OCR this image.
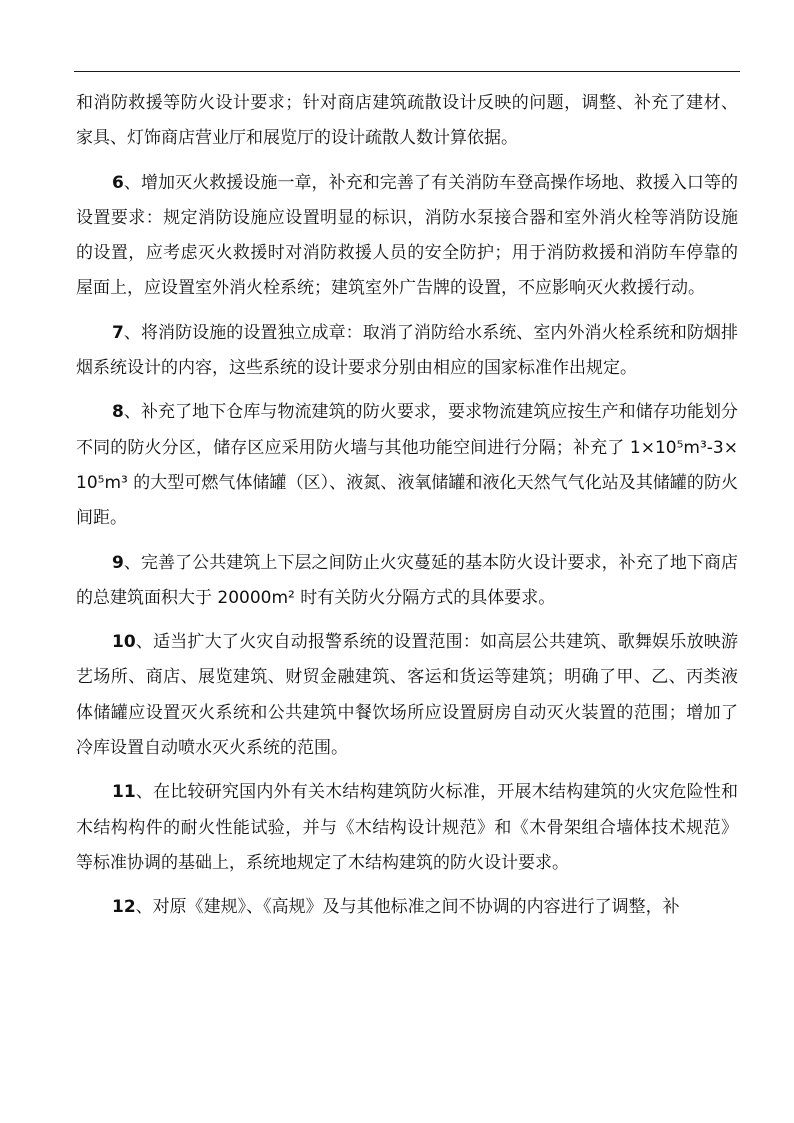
和消防救援等防火设计要求；针对商店建筑疏散设计反映的问题，调整、补充了建材、家具、灯饰商店营业厅和展览厅的设计疏散人数计算依据。

6、增加灭火救援设施一章，补充和完善了有关消防车登高操作场地、救援入口等的设置要求：规定消防设施应设置明显的标识，消防水泵接合器和室外消火栓等消防设施的设置，应考虑灭火救援时对消防救援人员的安全防护；用于消防救援和消防车停靠的屋面上，应设置室外消火栓系统；建筑室外广告牌的设置，不应影响灭火救援行动。

7、将消防设施的设置独立成章：取消了消防给水系统、室内外消火栓系统和防烟排烟系统设计的内容，这些系统的设计要求分别由相应的国家标准作出规定。

8、补充了地下仓库与物流建筑的防火要求，要求物流建筑应按生产和储存功能划分不同的防火分区，储存区应采用防火墙与其他功能空间进行分隔；补充了 1×10⁵m³-3×10⁵m³ 的大型可燃气体储罐（区）、液氮、液氧储罐和液化天然气气化站及其储罐的防火间距。

9、完善了公共建筑上下层之间防止火灾蔓延的基本防火设计要求，补充了地下商店的总建筑面积大于 20000m² 时有关防火分隔方式的具体要求。

10、适当扩大了火灾自动报警系统的设置范围：如高层公共建筑、歌舞娱乐放映游艺场所、商店、展览建筑、财贸金融建筑、客运和货运等建筑；明确了甲、乙、丙类液体储罐应设置灭火系统和公共建筑中餐饮场所应设置厨房自动灭火装置的范围；增加了冷库设置自动喷水灭火系统的范围。

11、在比较研究国内外有关木结构建筑防火标准，开展木结构建筑的火灾危险性和木结构构件的耐火性能试验，并与《木结构设计规范》和《木骨架组合墙体技术规范》等标准协调的基础上，系统地规定了木结构建筑的防火设计要求。

12、对原《建规》、《高规》及与其他标准之间不协调的内容进行了调整，补
